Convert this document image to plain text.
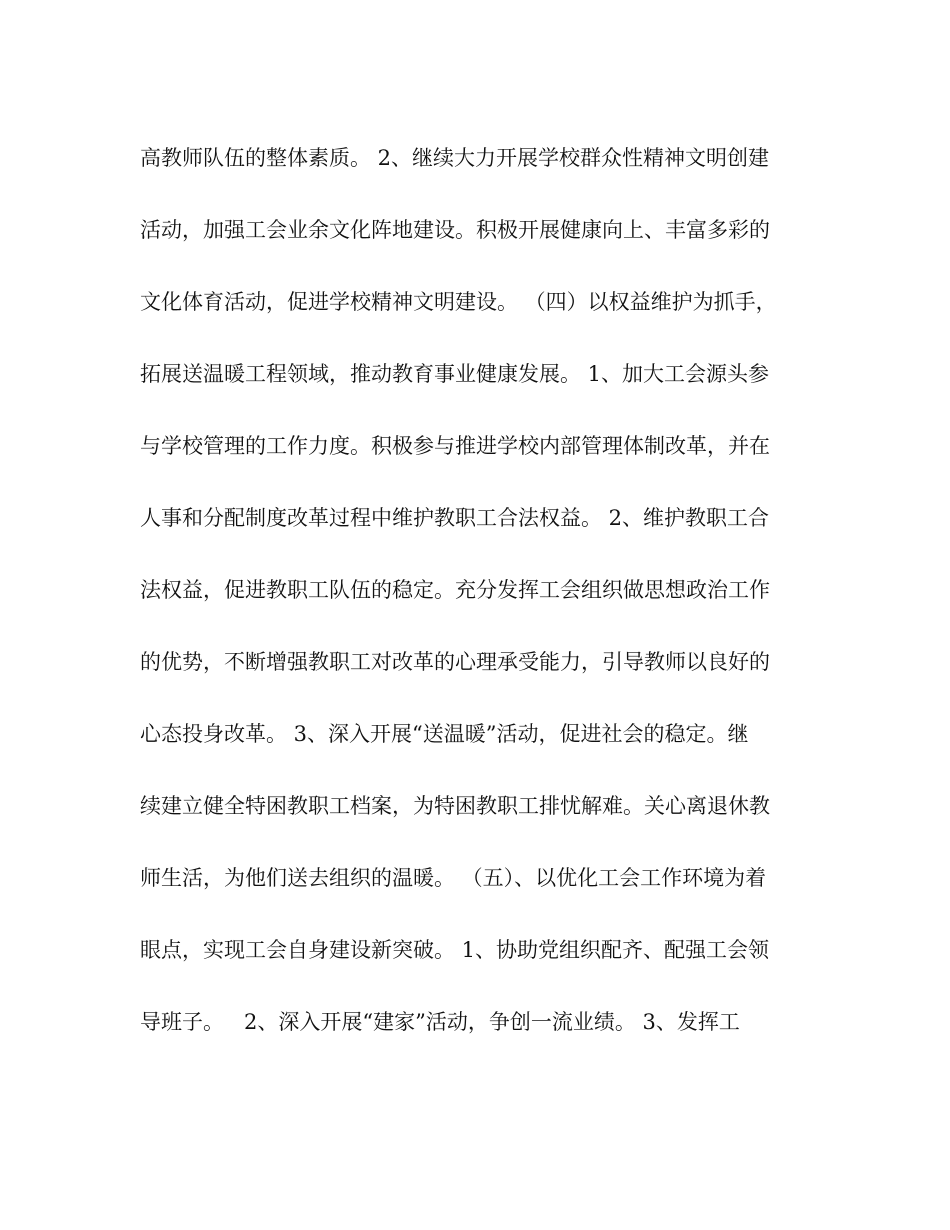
高教师队伍的整体素质。 2、继续大力开展学校群众性精神文明创建
活动，加强工会业余文化阵地建设。积极开展健康向上、丰富多彩的
文化体育活动，促进学校精神文明建设。 （四）以权益维护为抓手，
拓展送温暖工程领域，推动教育事业健康发展。 1、加大工会源头参
与学校管理的工作力度。积极参与推进学校内部管理体制改革，并在
人事和分配制度改革过程中维护教职工合法权益。 2、维护教职工合
法权益，促进教职工队伍的稳定。充分发挥工会组织做思想政治工作
的优势，不断增强教职工对改革的心理承受能力，引导教师以良好的
心态投身改革。 3、深入开展“送温暖”活动，促进社会的稳定。继
续建立健全特困教职工档案，为特困教职工排忧解难。关心离退休教
师生活，为他们送去组织的温暖。 （五）、以优化工会工作环境为着
眼点，实现工会自身建设新突破。 1、协助党组织配齐、配强工会领
导班子。   2、深入开展“建家”活动，争创一流业绩。 3、发挥工
